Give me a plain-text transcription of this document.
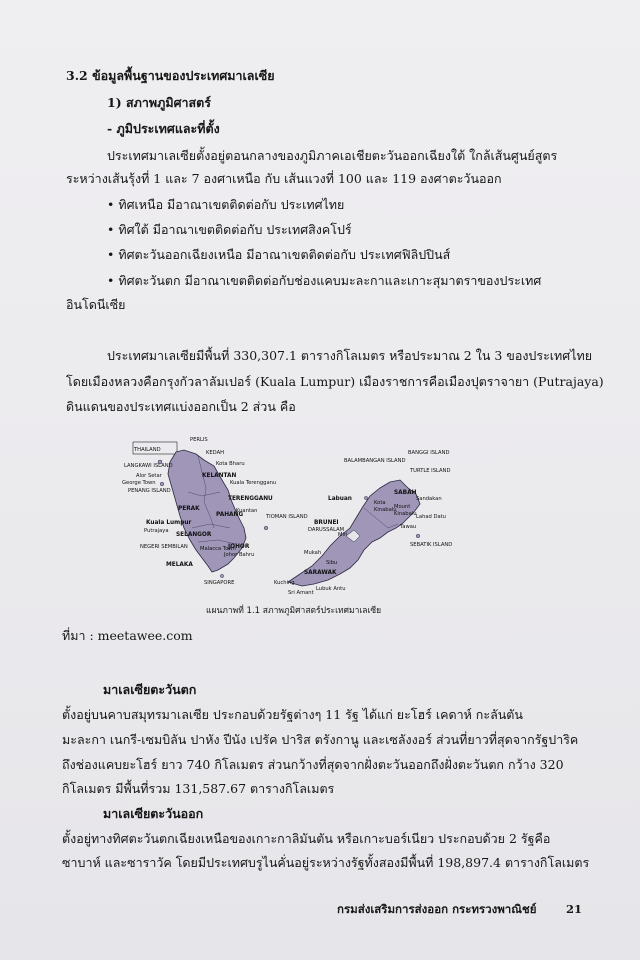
3.2 ข้อมูลพื้นฐานของประเทศมาเลเซีย
1) สภาพภูมิศาสตร์
- ภูมิประเทศและที่ตั้ง
ประเทศมาเลเซียตั้งอยู่ตอนกลางของภูมิภาคเอเชียตะวันออกเฉียงใต้ ใกล้เส้นศูนย์สูตร
ระหว่างเส้นรุ้งที่ 1 และ 7 องศาเหนือ กับ เส้นแวงที่ 100 และ 119 องศาตะวันออก
• ทิศเหนือ มีอาณาเขตติดต่อกับ ประเทศไทย
• ทิศใต้ มีอาณาเขตติดต่อกับ ประเทศสิงคโปร์
• ทิศตะวันออกเฉียงเหนือ มีอาณาเขตติดต่อกับ ประเทศฟิลิปปินส์
• ทิศตะวันตก มีอาณาเขตติดต่อกับช่องแคบมะละกาและเกาะสุมาตราของประเทศ
อินโดนีเซีย
ประเทศมาเลเซียมีพื้นที่ 330,307.1 ตารางกิโลเมตร หรือประมาณ 2 ใน 3 ของประเทศไทย
โดยเมืองหลวงคือกรุงกัวลาลัมเปอร์ (Kuala Lumpur) เมืองราชการคือเมืองปุตราจายา (Putrajaya)
ดินแดนของประเทศแบ่งออกเป็น 2 ส่วน คือ
THAILAND
PERLIS
KEDAH
Kota Bharu
LANGKAWI ISLAND
Alor Setar
George Town
PENANG ISLAND
KELANTAN
Kuala Terengganu
TERENGGANU
PERAK
PAHANG
Kuantan
Kuala Lumpur
Putrajaya
SELANGOR
TIOMAN ISLAND
NEGERI SEMBILAN Malacca Town
JOHOR
Johor Bahru
MELAKA
SINGAPORE
BALAMBANGAN ISLAND
BANGGI ISLAND
TURTLE ISLAND
Labuan
Kota
Kinabalu
Mount
Kinabalu
SABAH
Sandakan
BRUNEI
DARUSSALAM
Lahad Datu
Miri
Tawau
Mukah
Sibu
SEBATIK ISLAND
SARAWAK
Kuching
Sri Amant
Lubuk Antu
แผนภาพที่ 1.1 สภาพภูมิศาสตร์ประเทศมาเลเซีย
ที่มา : meetawee.com
มาเลเซียตะวันตก
ตั้งอยู่บนคาบสมุทรมาเลเซีย ประกอบด้วยรัฐต่างๆ 11 รัฐ ได้แก่ ยะโฮร์ เคดาห์ กะลันตัน
มะละกา เนกรี-เซมบิลัน ปาหัง ปีนัง เปรัค ปาริส ตรังกานู และเซลังงอร์ ส่วนที่ยาวที่สุดจากรัฐปาริค
ถึงช่องแคบยะโฮร์ ยาว 740 กิโลเมตร ส่วนกว้างที่สุดจากฝั่งตะวันออกถึงฝั่งตะวันตก กว้าง 320
กิโลเมตร มีพื้นที่รวม 131,587.67 ตารางกิโลเมตร
มาเลเซียตะวันออก
ตั้งอยู่ทางทิศตะวันตกเฉียงเหนือของเกาะกาลิมันตัน หรือเกาะบอร์เนียว ประกอบด้วย 2 รัฐคือ
ซาบาห์ และซาราวัค โดยมีประเทศบรูไนคั่นอยู่ระหว่างรัฐทั้งสองมีพื้นที่ 198,897.4 ตารางกิโลเมตร
กรมส่งเสริมการส่งออก กระทรวงพาณิชย์	21
